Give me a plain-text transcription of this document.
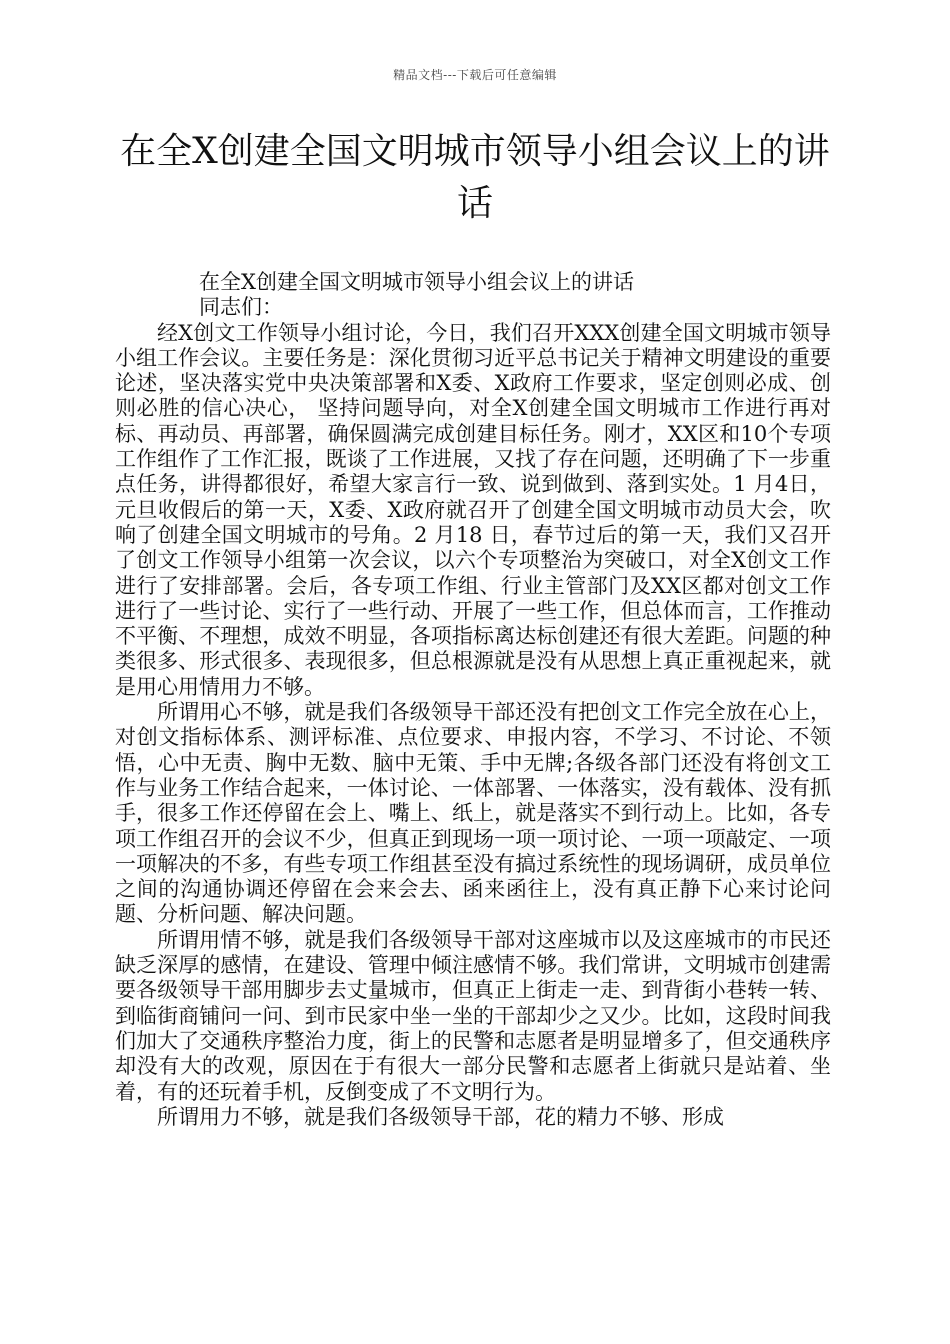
精品文档---下载后可任意编辑
在全X创建全国文明城市领导小组会议上的讲话

在全X创建全国文明城市领导小组会议上的讲话

同志们：

经X创文工作领导小组讨论，今日，我们召开XXX创建全国文明城市领导小组工作会议。主要任务是：深化贯彻习近平总书记关于精神文明建设的重要论述，坚决落实党中央决策部署和X委、X政府工作要求，坚定创则必成、创则必胜的信心决心， 坚持问题导向，对全X创建全国文明城市工作进行再对标、再动员、再部署，确保圆满完成创建目标任务。刚才，XX区和10个专项工作组作了工作汇报，既谈了工作进展，又找了存在问题，还明确了下一步重点任务，讲得都很好，希望大家言行一致、说到做到、落到实处。1 月4日，元旦收假后的第一天，X委、X政府就召开了创建全国文明城市动员大会，吹响了创建全国文明城市的号角。2 月18 日，春节过后的第一天，我们又召开了创文工作领导小组第一次会议，以六个专项整治为突破口，对全X创文工作进行了安排部署。会后，各专项工作组、行业主管部门及XX区都对创文工作进行了一些讨论、实行了一些行动、开展了一些工作，但总体而言，工作推动不平衡、不理想，成效不明显，各项指标离达标创建还有很大差距。问题的种类很多、形式很多、表现很多，但总根源就是没有从思想上真正重视起来，就是用心用情用力不够。

所谓用心不够，就是我们各级领导干部还没有把创文工作完全放在心上，对创文指标体系、测评标准、点位要求、申报内容，不学习、不讨论、不领悟，心中无责、胸中无数、脑中无策、手中无牌;各级各部门还没有将创文工作与业务工作结合起来，一体讨论、一体部署、一体落实，没有载体、没有抓手，很多工作还停留在会上、嘴上、纸上，就是落实不到行动上。比如，各专项工作组召开的会议不少，但真正到现场一项一项讨论、一项一项敲定、一项一项解决的不多，有些专项工作组甚至没有搞过系统性的现场调研，成员单位之间的沟通协调还停留在会来会去、函来函往上，没有真正静下心来讨论问题、分析问题、解决问题。

所谓用情不够，就是我们各级领导干部对这座城市以及这座城市的市民还缺乏深厚的感情，在建设、管理中倾注感情不够。我们常讲，文明城市创建需要各级领导干部用脚步去丈量城市，但真正上街走一走、到背街小巷转一转、到临街商铺问一问、到市民家中坐一坐的干部却少之又少。比如，这段时间我们加大了交通秩序整治力度，街上的民警和志愿者是明显增多了，但交通秩序却没有大的改观，原因在于有很大一部分民警和志愿者上街就只是站着、坐着，有的还玩着手机，反倒变成了不文明行为。

所谓用力不够，就是我们各级领导干部，花的精力不够、形成
